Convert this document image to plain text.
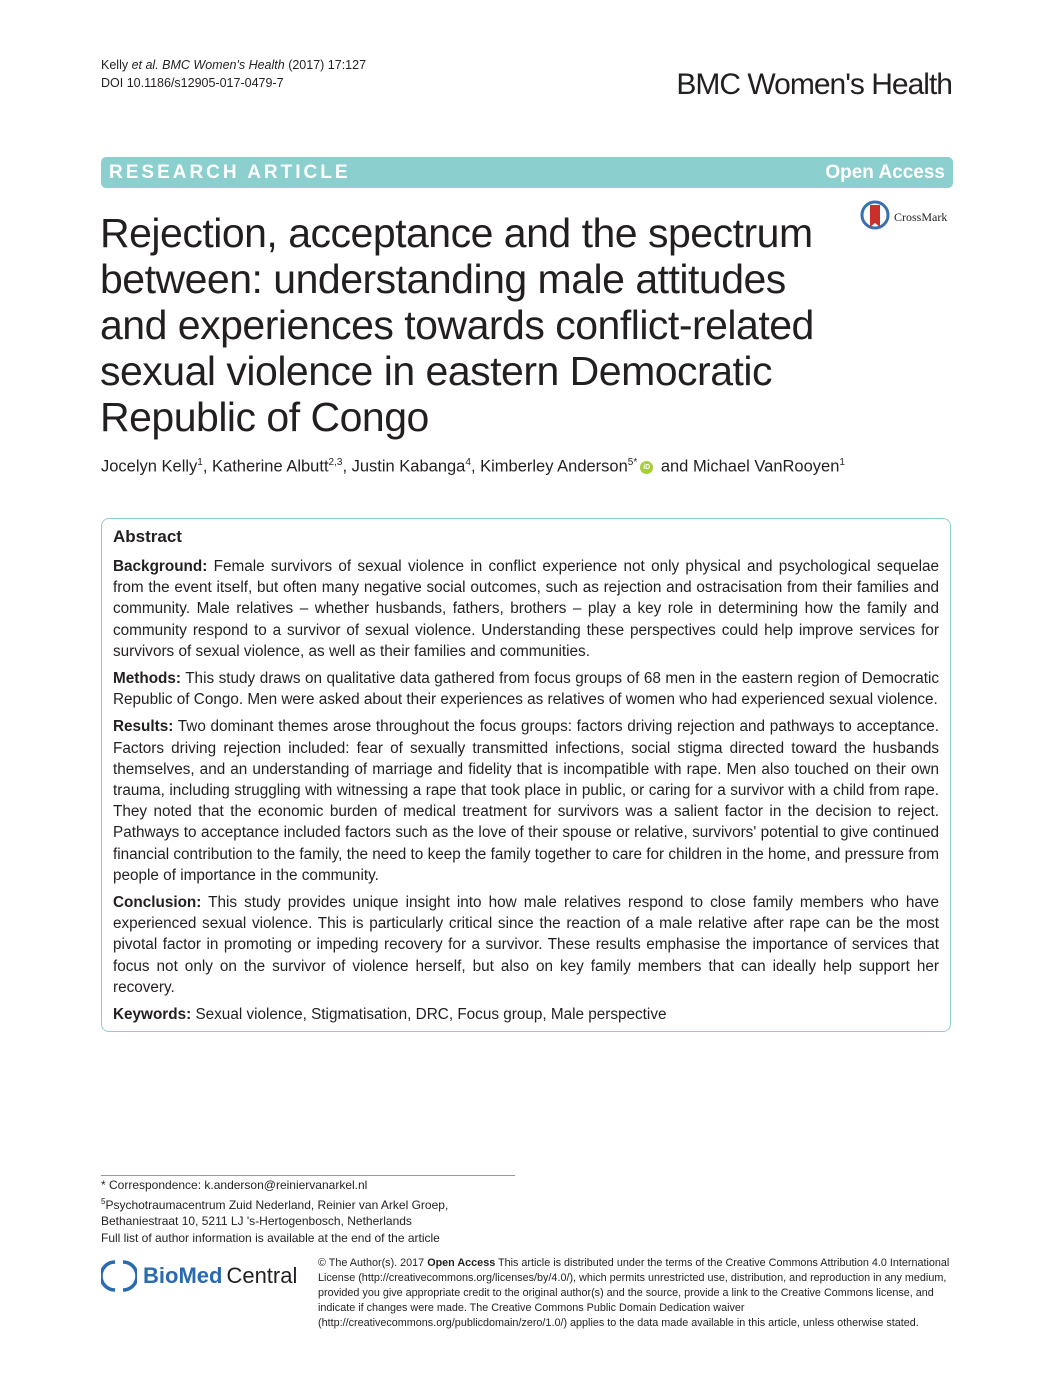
Kelly et al. BMC Women's Health (2017) 17:127
DOI 10.1186/s12905-017-0479-7	BMC Women's Health
RESEARCH ARTICLE	Open Access
CrossMark
Rejection, acceptance and the spectrum between: understanding male attitudes and experiences towards conflict-related sexual violence in eastern Democratic Republic of Congo
Jocelyn Kelly$^1$, Katherine Albutt$^{2,3}$, Justin Kabanga$^4$, Kimberley Anderson$^{5*}$ iD and Michael VanRooyen$^1$
Abstract

Background: Female survivors of sexual violence in conflict experience not only physical and psychological sequelae from the event itself, but often many negative social outcomes, such as rejection and ostracisation from their families and community. Male relatives – whether husbands, fathers, brothers – play a key role in determining how the family and community respond to a survivor of sexual violence. Understanding these perspectives could help improve services for survivors of sexual violence, as well as their families and communities.

Methods: This study draws on qualitative data gathered from focus groups of 68 men in the eastern region of Democratic Republic of Congo. Men were asked about their experiences as relatives of women who had experienced sexual violence.

Results: Two dominant themes arose throughout the focus groups: factors driving rejection and pathways to acceptance. Factors driving rejection included: fear of sexually transmitted infections, social stigma directed toward the husbands themselves, and an understanding of marriage and fidelity that is incompatible with rape. Men also touched on their own trauma, including struggling with witnessing a rape that took place in public, or caring for a survivor with a child from rape. They noted that the economic burden of medical treatment for survivors was a salient factor in the decision to reject. Pathways to acceptance included factors such as the love of their spouse or relative, survivors' potential to give continued financial contribution to the family, the need to keep the family together to care for children in the home, and pressure from people of importance in the community.

Conclusion: This study provides unique insight into how male relatives respond to close family members who have experienced sexual violence. This is particularly critical since the reaction of a male relative after rape can be the most pivotal factor in promoting or impeding recovery for a survivor. These results emphasise the importance of services that focus not only on the survivor of violence herself, but also on key family members that can ideally help support her recovery.

Keywords: Sexual violence, Stigmatisation, DRC, Focus group, Male perspective

* Correspondence: k.anderson@reiniervanarkel.nl
$^5$Psychotraumacentrum Zuid Nederland, Reinier van Arkel Groep,
Bethaniestraat 10, 5211 LJ 's-Hertogenbosch, Netherlands
Full list of author information is available at the end of the article
BioMed Central © The Author(s). 2017 Open Access This article is distributed under the terms of the Creative Commons Attribution 4.0 International License (http://creativecommons.org/licenses/by/4.0/), which permits unrestricted use, distribution, and reproduction in any medium, provided you give appropriate credit to the original author(s) and the source, provide a link to the Creative Commons license, and indicate if changes were made. The Creative Commons Public Domain Dedication waiver (http://creativecommons.org/publicdomain/zero/1.0/) applies to the data made available in this article, unless otherwise stated.
